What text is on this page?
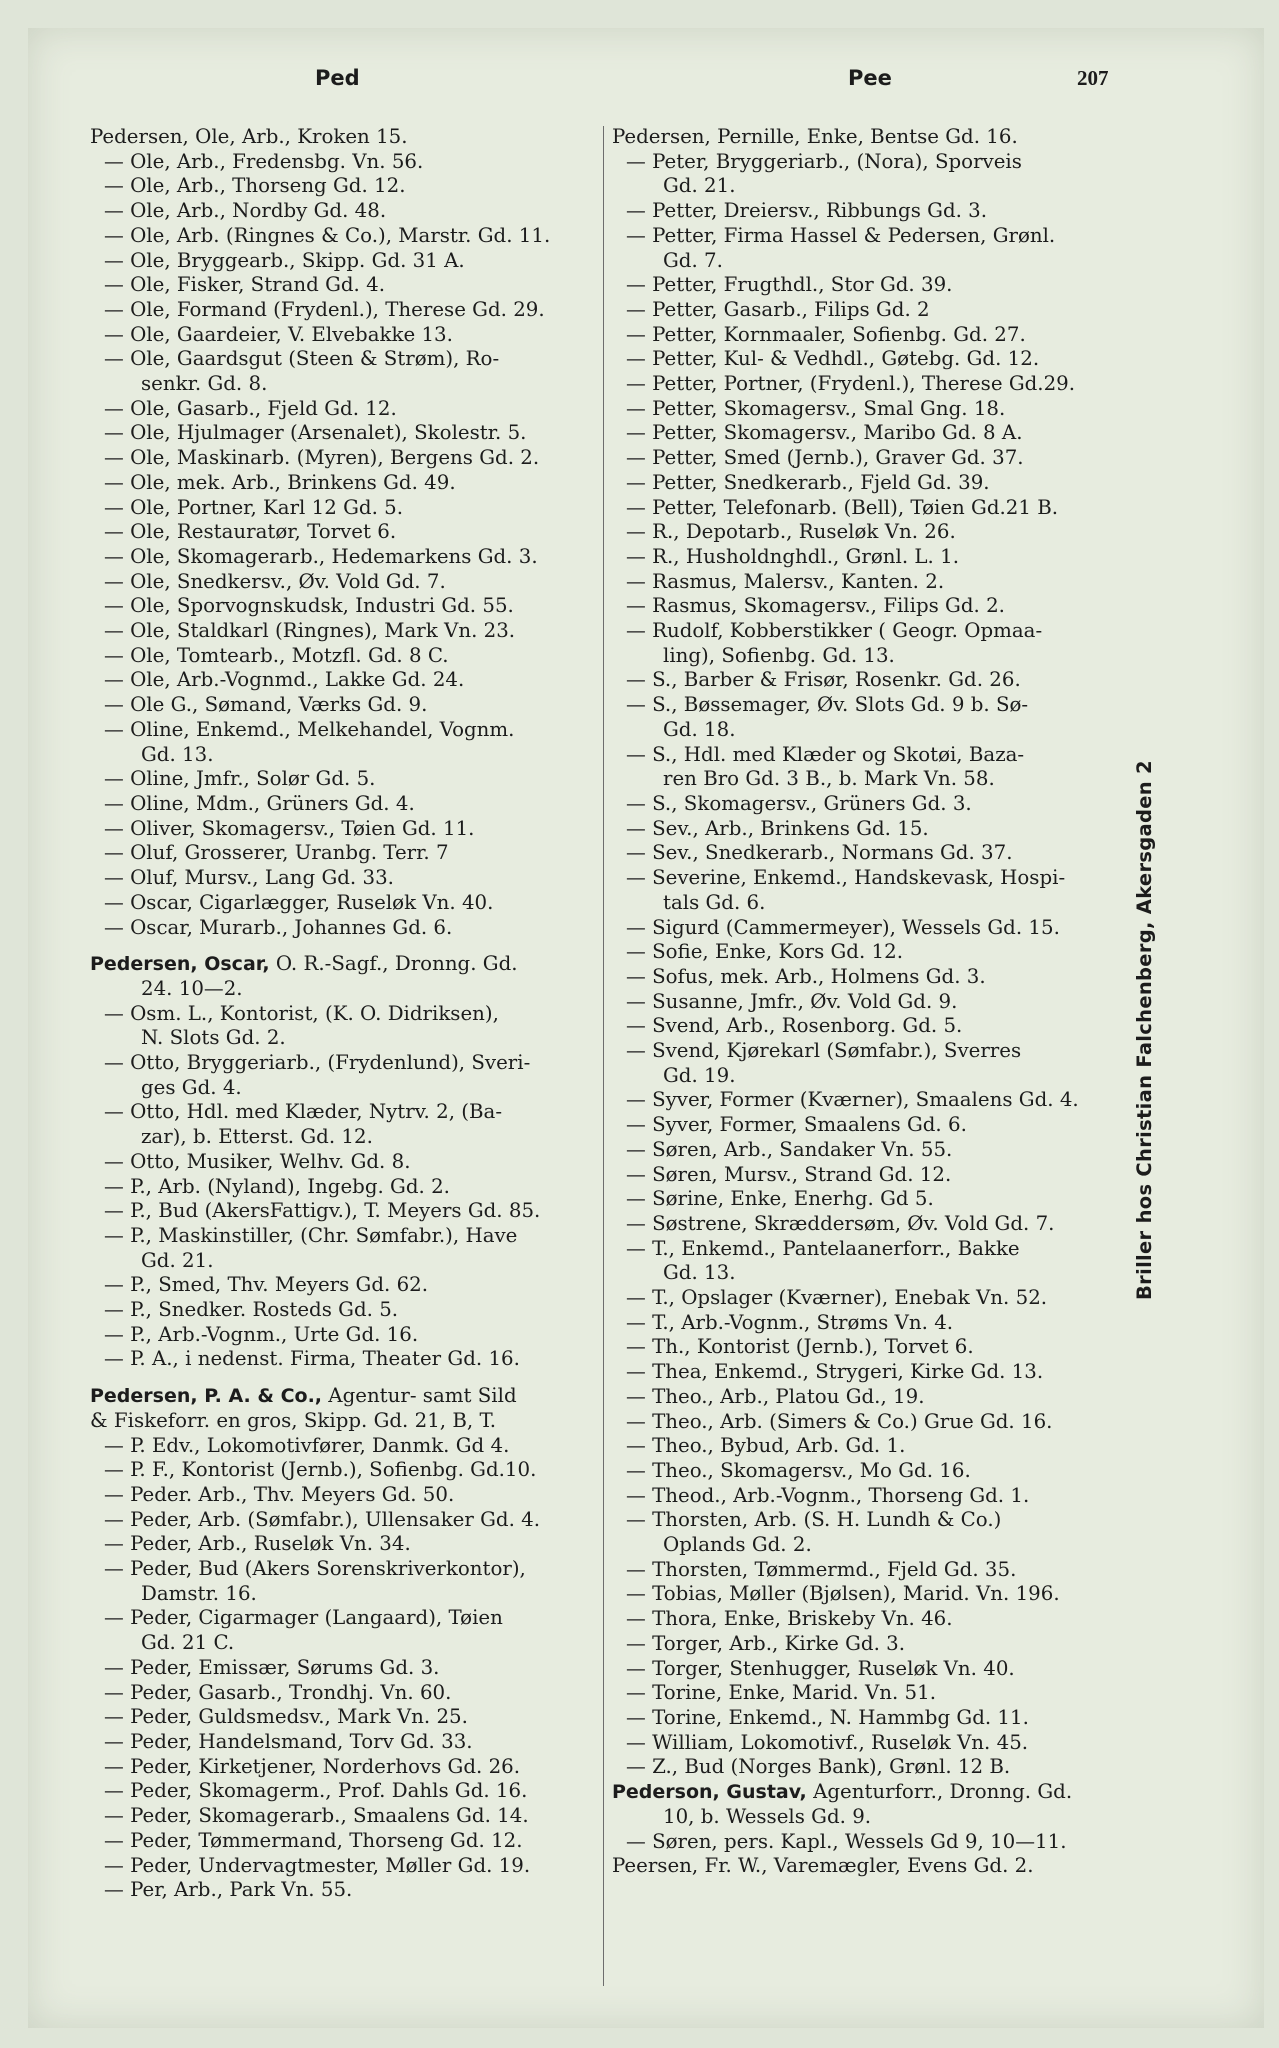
Ped	Pee	207
Pedersen, Ole, Arb., Kroken 15.
— Ole, Arb., Fredensbg. Vn. 56.
— Ole, Arb., Thorseng Gd. 12.
— Ole, Arb., Nordby Gd. 48.
— Ole, Arb. (Ringnes & Co.), Marstr. Gd. 11.
— Ole, Bryggearb., Skipp. Gd. 31 A.
— Ole, Fisker, Strand Gd. 4.
— Ole, Formand (Frydenl.), Therese Gd. 29.
— Ole, Gaardeier, V. Elvebakke 13.
— Ole, Gaardsgut (Steen & Strøm), Ro-
senkr. Gd. 8.
— Ole, Gasarb., Fjeld Gd. 12.
— Ole, Hjulmager (Arsenalet), Skolestr. 5.
— Ole, Maskinarb. (Myren), Bergens Gd. 2.
— Ole, mek. Arb., Brinkens Gd. 49.
— Ole, Portner, Karl 12 Gd. 5.
— Ole, Restauratør, Torvet 6.
— Ole, Skomagerarb., Hedemarkens Gd. 3.
— Ole, Snedkersv., Øv. Vold Gd. 7.
— Ole, Sporvognskudsk, Industri Gd. 55.
— Ole, Staldkarl (Ringnes), Mark Vn. 23.
— Ole, Tomtearb., Motzfl. Gd. 8 C.
— Ole, Arb.-Vognmd., Lakke Gd. 24.
— Ole G., Sømand, Værks Gd. 9.
— Oline, Enkemd., Melkehandel, Vognm.
Gd. 13.
— Oline, Jmfr., Solør Gd. 5.
— Oline, Mdm., Grüners Gd. 4.
— Oliver, Skomagersv., Tøien Gd. 11.
— Oluf, Grosserer, Uranbg. Terr. 7
— Oluf, Mursv., Lang Gd. 33.
— Oscar, Cigarlægger, Ruseløk Vn. 40.
— Oscar, Murarb., Johannes Gd. 6.
Pedersen, Oscar, O. R.-Sagf., Dronng. Gd.
24. 10—2.
— Osm. L., Kontorist, (K. O. Didriksen),
N. Slots Gd. 2.
— Otto, Bryggeriarb., (Frydenlund), Sveri-
ges Gd. 4.
— Otto, Hdl. med Klæder, Nytrv. 2, (Ba-
zar), b. Etterst. Gd. 12.
— Otto, Musiker, Welhv. Gd. 8.
— P., Arb. (Nyland), Ingebg. Gd. 2.
— P., Bud (AkersFattigv.), T. Meyers Gd. 85.
— P., Maskinstiller, (Chr. Sømfabr.), Have
Gd. 21.
— P., Smed, Thv. Meyers Gd. 62.
— P., Snedker. Rosteds Gd. 5.
— P., Arb.-Vognm., Urte Gd. 16.
— P. A., i nedenst. Firma, Theater Gd. 16.
Pedersen, P. A. & Co., Agentur- samt Sild
& Fiskeforr. en gros, Skipp. Gd. 21, B, T.
— P. Edv., Lokomotivfører, Danmk. Gd 4.
— P. F., Kontorist (Jernb.), Sofienbg. Gd.10.
— Peder. Arb., Thv. Meyers Gd. 50.
— Peder, Arb. (Sømfabr.), Ullensaker Gd. 4.
— Peder, Arb., Ruseløk Vn. 34.
— Peder, Bud (Akers Sorenskriverkontor),
Damstr. 16.
— Peder, Cigarmager (Langaard), Tøien
Gd. 21 C.
— Peder, Emissær, Sørums Gd. 3.
— Peder, Gasarb., Trondhj. Vn. 60.
— Peder, Guldsmedsv., Mark Vn. 25.
— Peder, Handelsmand, Torv Gd. 33.
— Peder, Kirketjener, Norderhovs Gd. 26.
— Peder, Skomagerm., Prof. Dahls Gd. 16.
— Peder, Skomagerarb., Smaalens Gd. 14.
— Peder, Tømmermand, Thorseng Gd. 12.
— Peder, Undervagtmester, Møller Gd. 19.
— Per, Arb., Park Vn. 55.
Pedersen, Pernille, Enke, Bentse Gd. 16.
— Peter, Bryggeriarb., (Nora), Sporveis
Gd. 21.
— Petter, Dreiersv., Ribbungs Gd. 3.
— Petter, Firma Hassel & Pedersen, Grønl.
Gd. 7.
— Petter, Frugthdl., Stor Gd. 39.
— Petter, Gasarb., Filips Gd. 2
— Petter, Kornmaaler, Sofienbg. Gd. 27.
— Petter, Kul- & Vedhdl., Gøtebg. Gd. 12.
— Petter, Portner, (Frydenl.), Therese Gd.29.
— Petter, Skomagersv., Smal Gng. 18.
— Petter, Skomagersv., Maribo Gd. 8 A.
— Petter, Smed (Jernb.), Graver Gd. 37.
— Petter, Snedkerarb., Fjeld Gd. 39.
— Petter, Telefonarb. (Bell), Tøien Gd.21 B.
— R., Depotarb., Ruseløk Vn. 26.
— R., Husholdnghdl., Grønl. L. 1.
— Rasmus, Malersv., Kanten. 2.
— Rasmus, Skomagersv., Filips Gd. 2.
— Rudolf, Kobberstikker ( Geogr. Opmaa-
ling), Sofienbg. Gd. 13.
— S., Barber & Frisør, Rosenkr. Gd. 26.
— S., Bøssemager, Øv. Slots Gd. 9 b. Sø-
Gd. 18.
— S., Hdl. med Klæder og Skotøi, Baza-
ren Bro Gd. 3 B., b. Mark Vn. 58.
— S., Skomagersv., Grüners Gd. 3.
— Sev., Arb., Brinkens Gd. 15.
— Sev., Snedkerarb., Normans Gd. 37.
— Severine, Enkemd., Handskevask, Hospi-
tals Gd. 6.
— Sigurd (Cammermeyer), Wessels Gd. 15.
— Sofie, Enke, Kors Gd. 12.
— Sofus, mek. Arb., Holmens Gd. 3.
— Susanne, Jmfr., Øv. Vold Gd. 9.
— Svend, Arb., Rosenborg. Gd. 5.
— Svend, Kjørekarl (Sømfabr.), Sverres
Gd. 19.
— Syver, Former (Kværner), Smaalens Gd. 4.
— Syver, Former, Smaalens Gd. 6.
— Søren, Arb., Sandaker Vn. 55.
— Søren, Mursv., Strand Gd. 12.
— Sørine, Enke, Enerhg. Gd 5.
— Søstrene, Skræddersøm, Øv. Vold Gd. 7.
— T., Enkemd., Pantelaanerforr., Bakke
Gd. 13.
— T., Opslager (Kværner), Enebak Vn. 52.
— T., Arb.-Vognm., Strøms Vn. 4.
— Th., Kontorist (Jernb.), Torvet 6.
— Thea, Enkemd., Strygeri, Kirke Gd. 13.
— Theo., Arb., Platou Gd., 19.
— Theo., Arb. (Simers & Co.) Grue Gd. 16.
— Theo., Bybud, Arb. Gd. 1.
— Theo., Skomagersv., Mo Gd. 16.
— Theod., Arb.-Vognm., Thorseng Gd. 1.
— Thorsten, Arb. (S. H. Lundh & Co.)
Oplands Gd. 2.
— Thorsten, Tømmermd., Fjeld Gd. 35.
— Tobias, Møller (Bjølsen), Marid. Vn. 196.
— Thora, Enke, Briskeby Vn. 46.
— Torger, Arb., Kirke Gd. 3.
— Torger, Stenhugger, Ruseløk Vn. 40.
— Torine, Enke, Marid. Vn. 51.
— Torine, Enkemd., N. Hammbg Gd. 11.
— William, Lokomotivf., Ruseløk Vn. 45.
— Z., Bud (Norges Bank), Grønl. 12 B.
Pederson, Gustav, Agenturforr., Dronng. Gd.
10, b. Wessels Gd. 9.
— Søren, pers. Kapl., Wessels Gd 9, 10—11.
Peersen, Fr. W., Varemægler, Evens Gd. 2.
Briller hos Christian Falchenberg, Akersgaden 2
